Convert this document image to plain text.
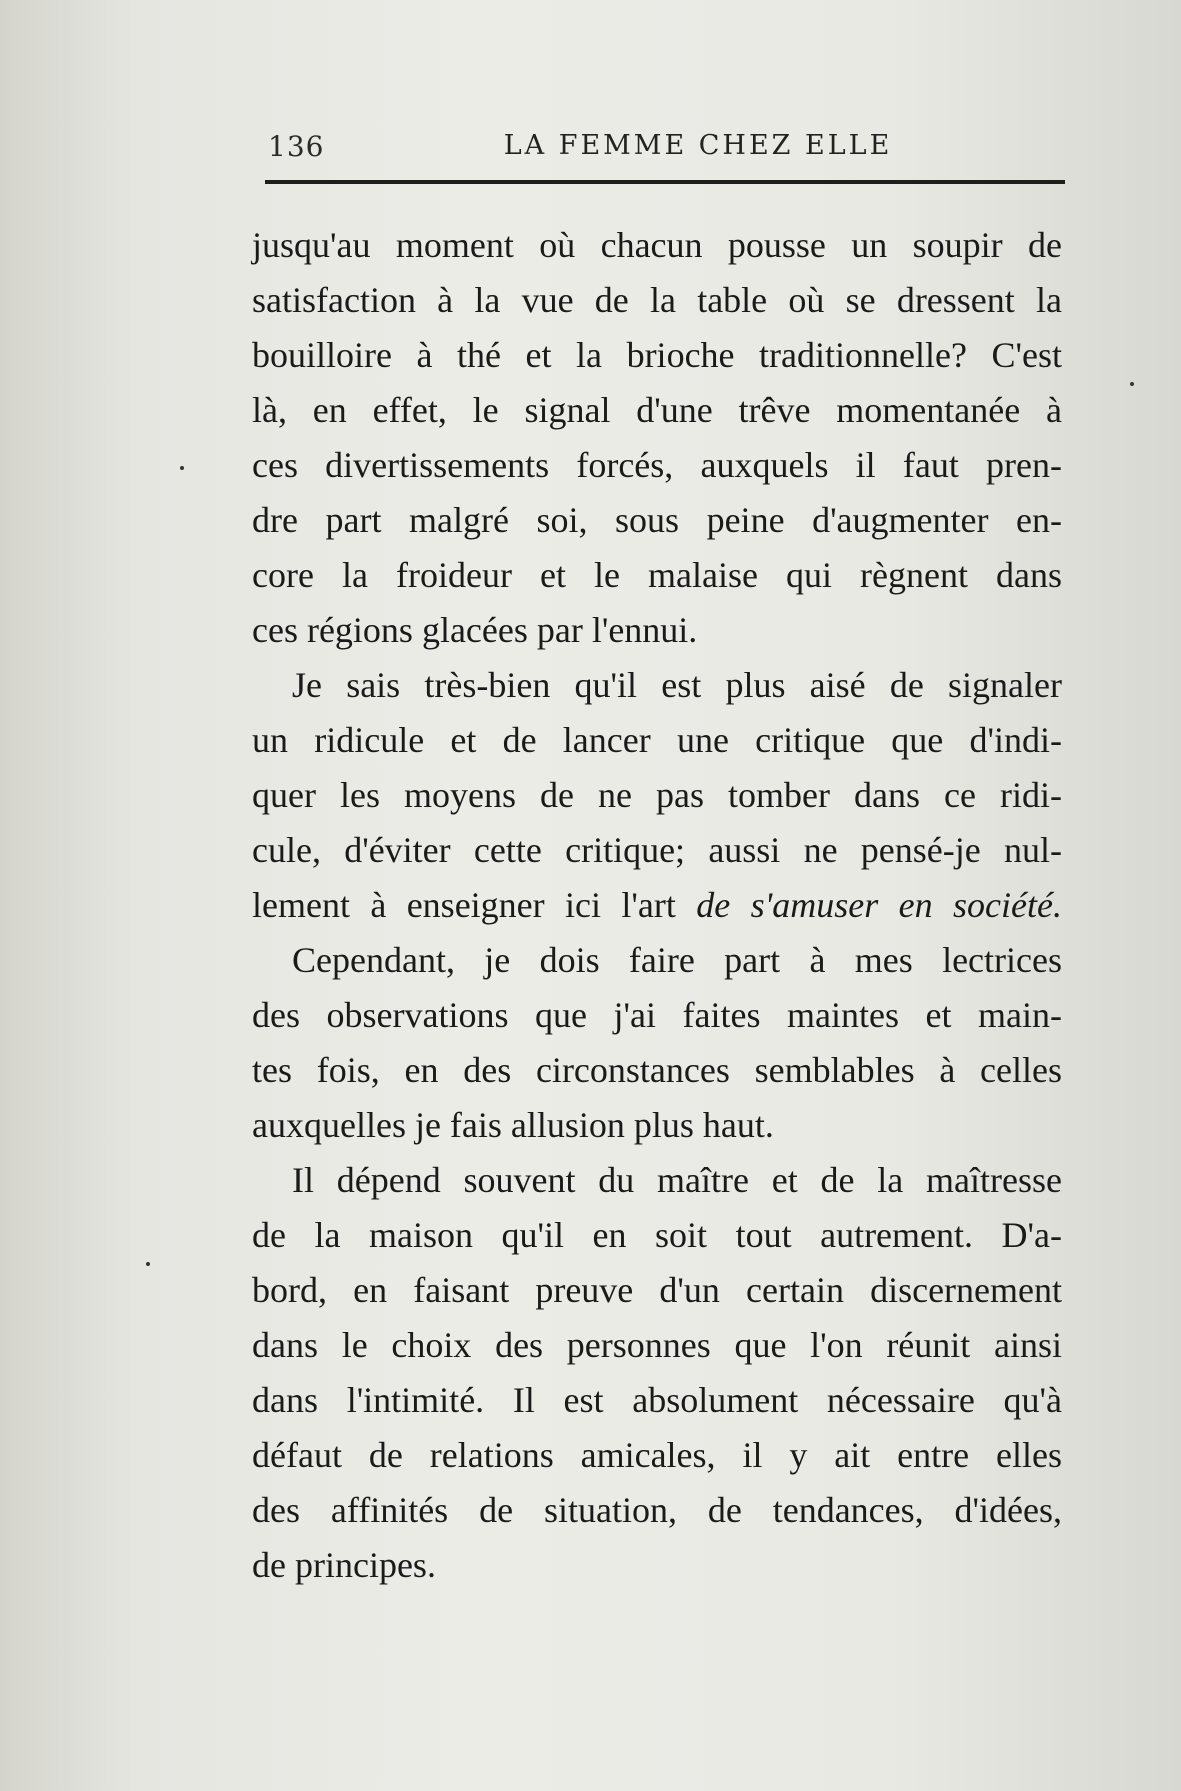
136	LA FEMME CHEZ ELLE
jusqu'au moment où chacun pousse un soupir de
satisfaction à la vue de la table où se dressent la
bouilloire à thé et la brioche traditionnelle? C'est
là, en effet, le signal d'une trêve momentanée à
ces divertissements forcés, auxquels il faut pren-
dre part malgré soi, sous peine d'augmenter en-
core la froideur et le malaise qui règnent dans
ces régions glacées par l'ennui.
Je sais très-bien qu'il est plus aisé de signaler
un ridicule et de lancer une critique que d'indi-
quer les moyens de ne pas tomber dans ce ridi-
cule, d'éviter cette critique; aussi ne pensé-je nul-
lement à enseigner ici l'art de s'amuser en société.
Cependant, je dois faire part à mes lectrices
des observations que j'ai faites maintes et main-
tes fois, en des circonstances semblables à celles
auxquelles je fais allusion plus haut.
Il dépend souvent du maître et de la maîtresse
de la maison qu'il en soit tout autrement. D'a-
bord, en faisant preuve d'un certain discernement
dans le choix des personnes que l'on réunit ainsi
dans l'intimité. Il est absolument nécessaire qu'à
défaut de relations amicales, il y ait entre elles
des affinités de situation, de tendances, d'idées,
de principes.
